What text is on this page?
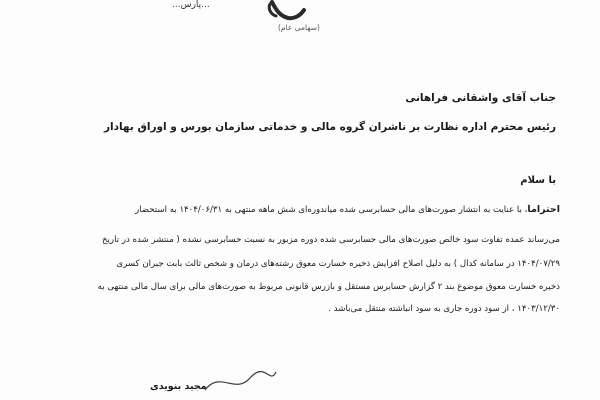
...پارس...
(سهامی عام)
جناب آقای واشقانی فراهانی
رئیس محترم اداره نظارت بر ناشران گروه مالی و خدماتی سازمان بورس و اوراق بهادار
با سلام
احتراماً، با عنایت به انتشار صورت‌های مالی حسابرسی شده میاندوره‌ای شش ماهه منتهی به ۱۴۰۴/۰۶/۳۱ به استحضار
می‌رساند عمده تفاوت سود خالص صورت‌های مالی حسابرسی شده دوره مزبور به نسبت حسابرسی نشده ( منتشر شده در تاریخ
۱۴۰۴/۰۷/۲۹ در سامانه کدال ) به دلیل اصلاح افزایش ذخیره خسارت معوق رشته‌های درمان و شخص ثالث بابت جبران کسری
ذخیره خسارت معوق موضوع بند ۲ گزارش حسابرس مستقل و بازرس قانونی مربوط به صورت‌های مالی برای سال مالی منتهی به
۱۴۰۳/۱۲/۳۰ ، از سود دوره جاری به سود انباشته منتقل می‌باشد .
مجید بنویدی
